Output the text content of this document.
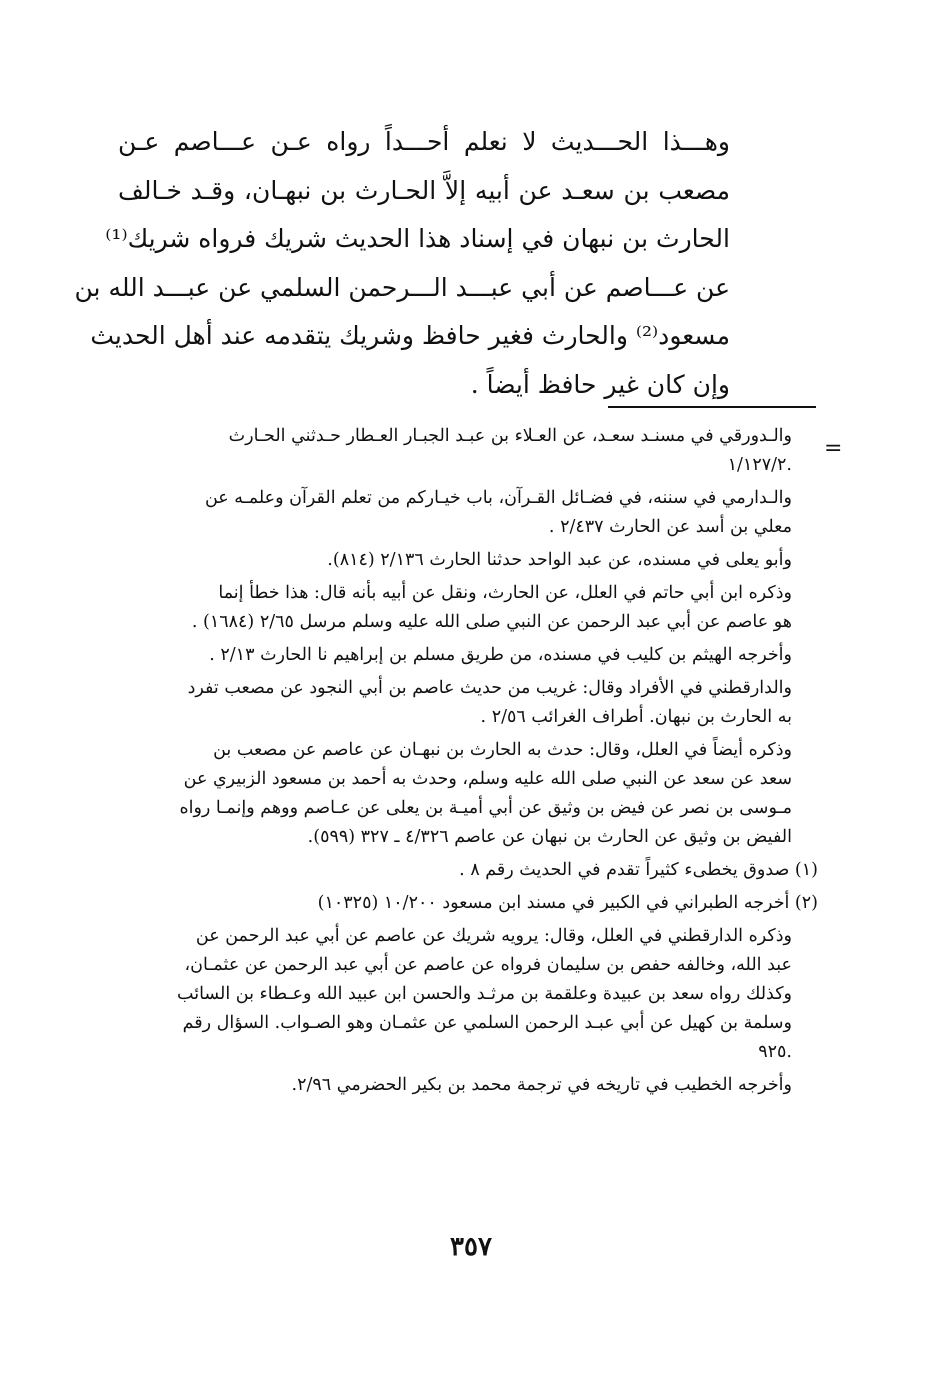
وهـــذا الحـــديث لا نعلم أحـــداً رواه عـن عـــاصم عـن
مصعب بن سعـد عن أبيه إلاَّ الحـارث بن نبهـان، وقـد خـالف
الحارث بن نبهان في إسناد هذا الحديث شريك فرواه شريك⁽¹⁾
عن عـــاصم عن أبي عبـــد الـــرحمن السلمي عن عبـــد الله بن
مسعود⁽²⁾ والحارث فغير حافظ وشريك يتقدمه عند أهل الحديث
وإن كان غير حافظ أيضاً .

=

والـدورقي في مسنـد سعـد، عن العـلاء بن عبـد الجبـار العـطار حـدثني الحـارث
.١/١٢٧/٢

والـدارمي في سننه، في فضـائل القـرآن، باب خيـاركم من تعلم القرآن وعلمـه عن
معلي بن أسد عن الحارث ٢/٤٣٧ .

وأبو يعلى في مسنده، عن عبد الواحد حدثنا الحارث ٢/١٣٦ (٨١٤).

وذكره ابن أبي حاتم في العلل، عن الحارث، ونقل عن أبيه بأنه قال: هذا خطأ إنما
هو عاصم عن أبي عبد الرحمن عن النبي صلى الله عليه وسلم مرسل ٢/٦٥ (١٦٨٤) .

وأخرجه الهيثم بن كليب في مسنده، من طريق مسلم بن إبراهيم نا الحارث ٢/١٣ .

والدارقطني في الأفراد وقال: غريب من حديث عاصم بن أبي النجود عن مصعب تفرد
به الحارث بن نبهان. أطراف الغرائب ٢/٥٦ .

وذكره أيضاً في العلل، وقال: حدث به الحارث بن نبهـان عن عاصم عن مصعب بن
سعد عن سعد عن النبي صلى الله عليه وسلم، وحدث به أحمد بن مسعود الزبيري عن
مـوسى بن نصر عن فيض بن وثيق عن أبي أميـة بن يعلى عن عـاصم ووهم وإنمـا رواه
الفيض بن وثيق عن الحارث بن نبهان عن عاصم ٤/٣٢٦ ـ ٣٢٧ (٥٩٩).

(١) صدوق يخطىء كثيراً تقدم في الحديث رقم ٨ .

(٢) أخرجه الطبراني في الكبير في مسند ابن مسعود ١٠/٢٠٠ (١٠٣٢٥)

وذكره الدارقطني في العلل، وقال: يرويه شريك عن عاصم عن أبي عبد الرحمن عن
عبد الله، وخالفه حفص بن سليمان فرواه عن عاصم عن أبي عبد الرحمن عن عثمـان،
وكذلك رواه سعد بن عبيدة وعلقمة بن مرثـد والحسن ابن عبيد الله وعـطاء بن السائب
وسلمة بن كهيل عن أبي عبـد الرحمن السلمي عن عثمـان وهو الصـواب. السؤال رقم
.٩٢٥

وأخرجه الخطيب في تاريخه في ترجمة محمد بن بكير الحضرمي ٢/٩٦.

٣٥٧
